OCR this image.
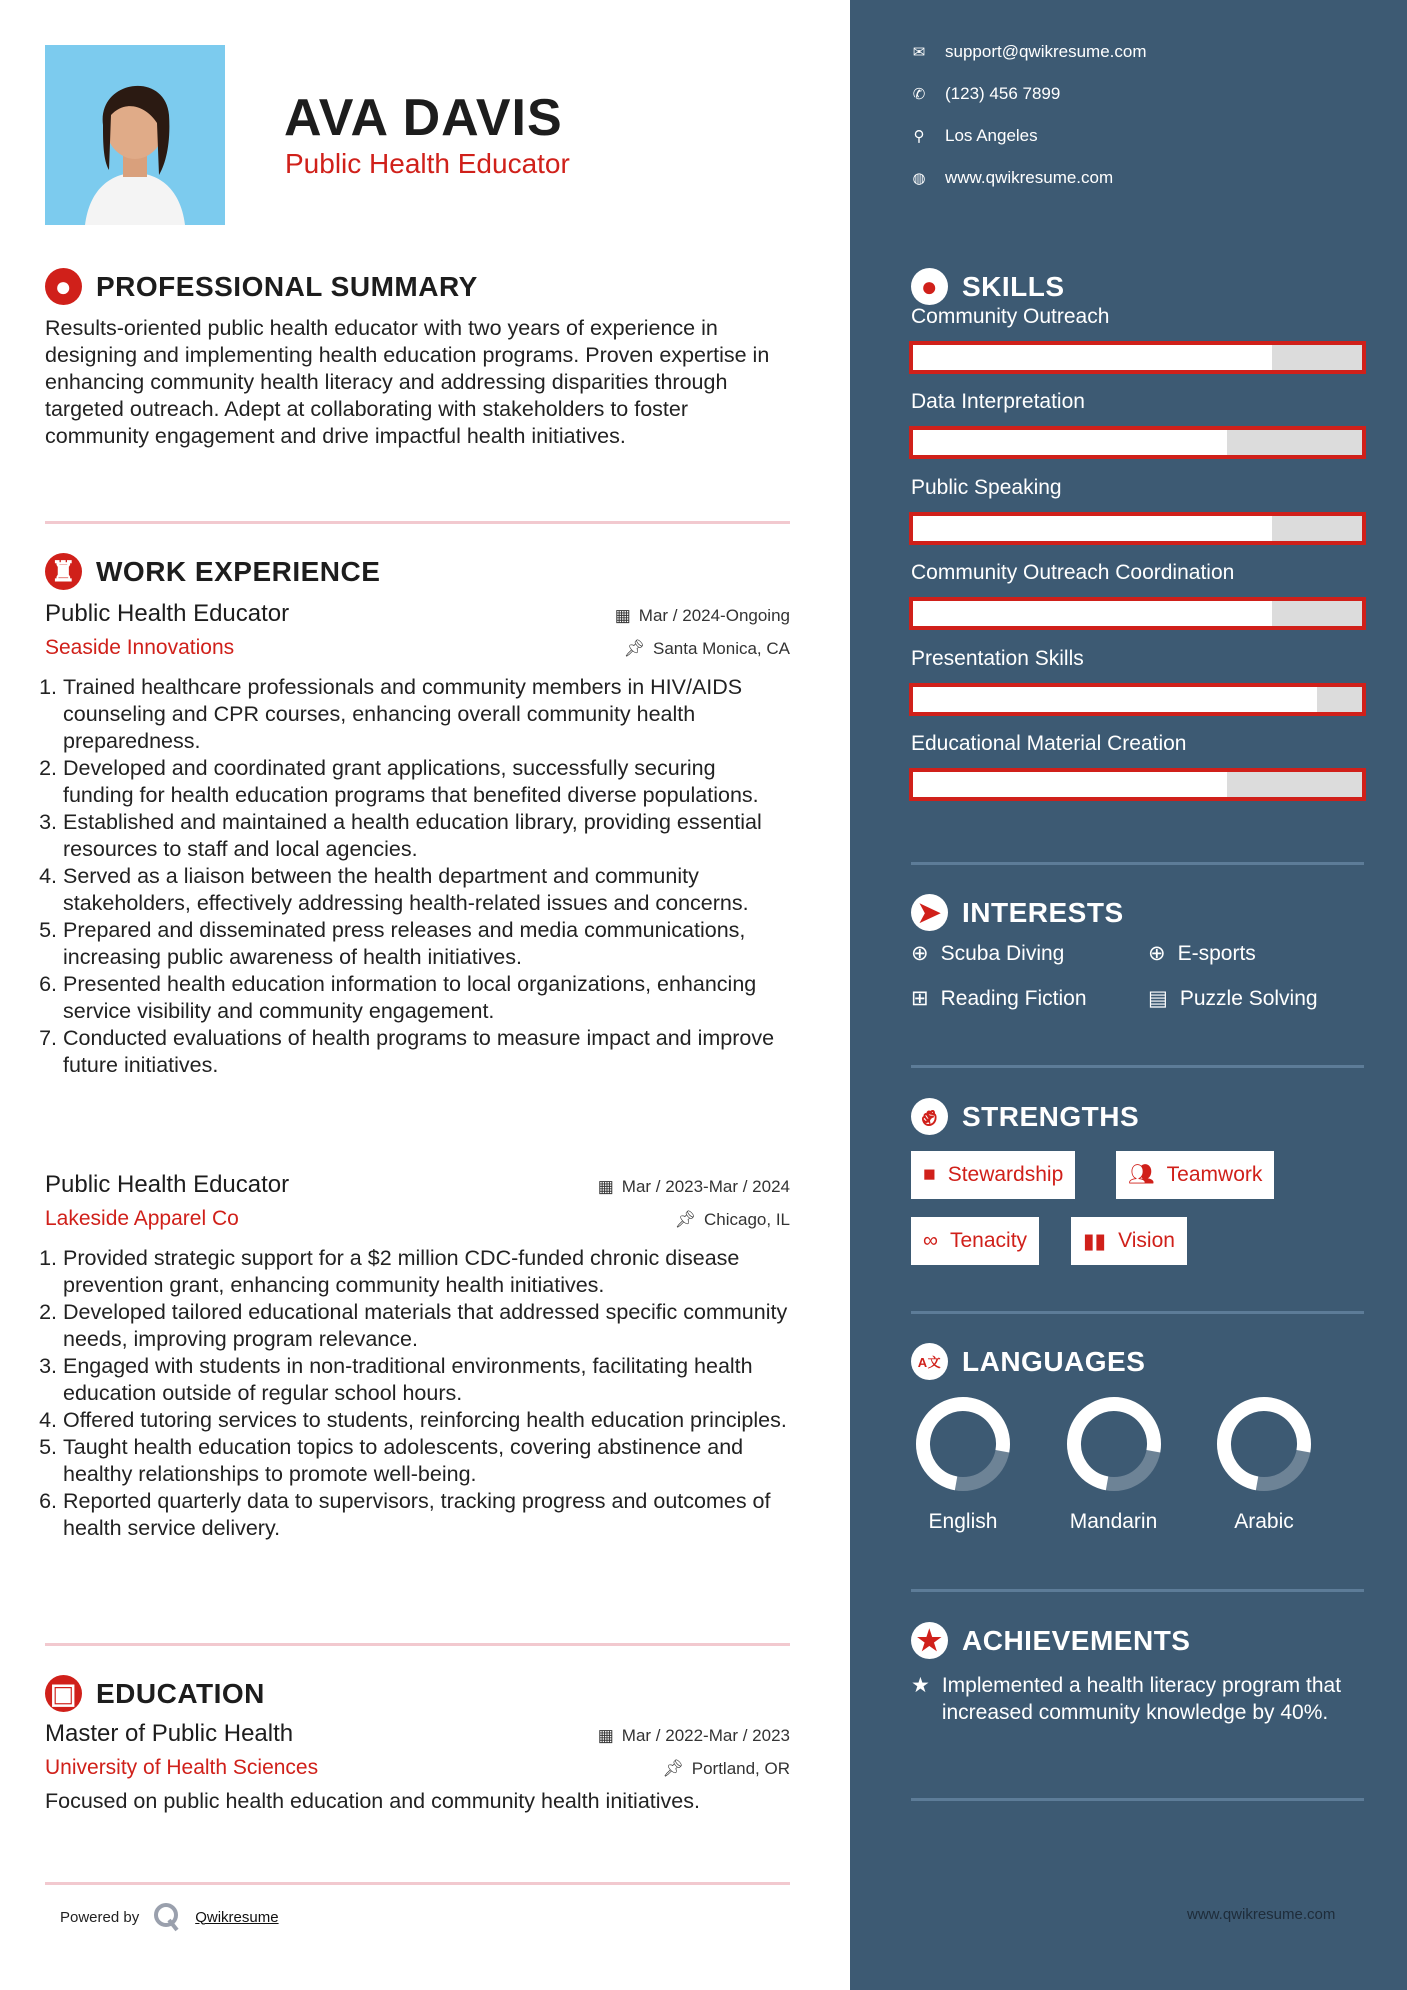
AVA DAVIS
Public Health Educator
● PROFESSIONAL SUMMARY
Results-oriented public health educator with two years of experience in designing and implementing health education programs. Proven expertise in enhancing community health literacy and addressing disparities through targeted outreach. Adept at collaborating with stakeholders to foster community engagement and drive impactful health initiatives.
♜ WORK EXPERIENCE
Public Health Educator	▦ Mar / 2024-Ongoing
Seaside Innovations	📌︎ Santa Monica, CA
1. Trained healthcare professionals and community members in HIV/AIDS counseling and CPR courses, enhancing overall community health preparedness.
2. Developed and coordinated grant applications, successfully securing funding for health education programs that benefited diverse populations.
3. Established and maintained a health education library, providing essential resources to staff and local agencies.
4. Served as a liaison between the health department and community stakeholders, effectively addressing health-related issues and concerns.
5. Prepared and disseminated press releases and media communications, increasing public awareness of health initiatives.
6. Presented health education information to local organizations, enhancing service visibility and community engagement.
7. Conducted evaluations of health programs to measure impact and improve future initiatives.
Public Health Educator	▦ Mar / 2023-Mar / 2024
Lakeside Apparel Co	📌︎ Chicago, IL
1. Provided strategic support for a $2 million CDC-funded chronic disease prevention grant, enhancing community health initiatives.
2. Developed tailored educational materials that addressed specific community needs, improving program relevance.
3. Engaged with students in non-traditional environments, facilitating health education outside of regular school hours.
4. Offered tutoring services to students, reinforcing health education principles.
5. Taught health education topics to adolescents, covering abstinence and healthy relationships to promote well-being.
6. Reported quarterly data to supervisors, tracking progress and outcomes of health service delivery.
▣ EDUCATION
Master of Public Health	▦ Mar / 2022-Mar / 2023
University of Health Sciences	📌︎ Portland, OR
Focused on public health education and community health initiatives.
Powered by	Qwikresume
✉ support@qwikresume.com
✆ (123) 456 7899
⚲ Los Angeles
◍ www.qwikresume.com
● SKILLS
Community Outreach
Data Interpretation
Public Speaking
Community Outreach Coordination
Presentation Skills
Educational Material Creation
➤ INTERESTS
⊕ Scuba Diving	⊕ E-sports
⊞ Reading Fiction	▤ Puzzle Solving
✊︎ STRENGTHS
■ Stewardship	👥︎ Teamwork
∞ Tenacity	▮▮ Vision
A文 LANGUAGES
English	Mandarin	Arabic
★ ACHIEVEMENTS
★ Implemented a health literacy program that increased community knowledge by 40%.
www.qwikresume.com
